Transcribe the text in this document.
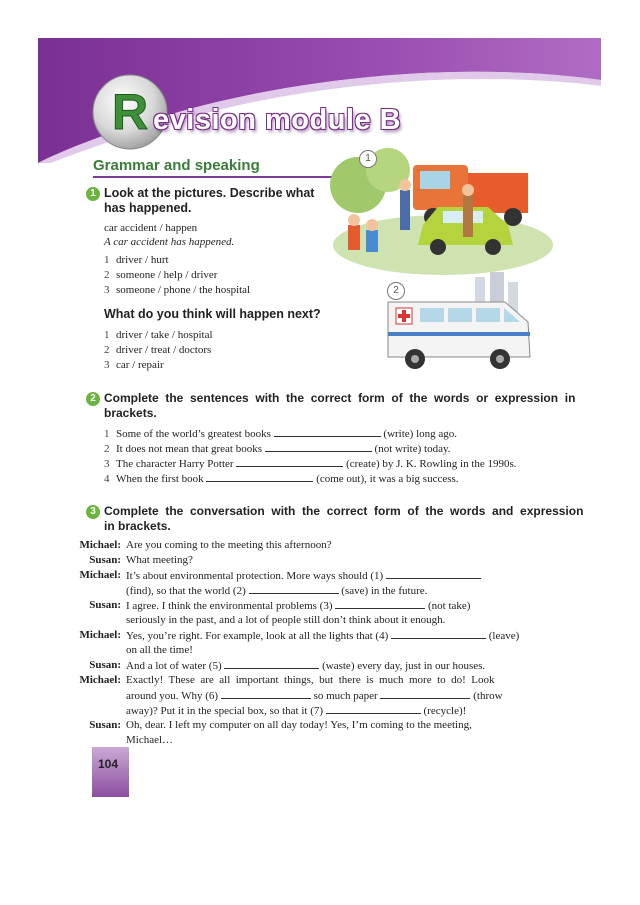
R evision module B
Grammar and speaking
1 Look at the pictures. Describe what
has happened.
car accident / happen
A car accident has happened.
1 driver / hurt
2 someone / help / driver
3 someone / phone / the hospital
What do you think will happen next?
1 driver / take / hospital
2 driver / treat / doctors
3 car / repair
1
2
2 Complete  the  sentences  with  the  correct  form  of  the  words  or  expression  in
brackets.
1 Some of the world’s greatest books	(write) long ago.
2 It does not mean that great books	(not write) today.
3 The character Harry Potter	(create) by J. K. Rowling in the 1990s.
4 When the first book	(come out), it was a big success.
3 Complete  the  conversation  with  the  correct  form  of  the  words  and  expression
in brackets.
Michael: Are you coming to the meeting this afternoon?
Susan: What meeting?
Michael: It’s about environmental protection. More ways should (1)
(find), so that the world (2)	(save) in the future.
Susan: I agree. I think the environmental problems (3)	(not take)
seriously in the past, and a lot of people still don’t think about it enough.
Michael: Yes, you’re right. For example, look at all the lights that (4)	(leave)
on all the time!
Susan: And a lot of water (5)	(waste) every day, just in our houses.
Michael: Exactly!  These  are  all  important  things,  but  there  is  much  more  to  do!  Look
around you. Why (6)	so much paper	(throw
away)? Put it in the special box, so that it (7)	(recycle)!
Susan: Oh, dear. I left my computer on all day today! Yes, I’m coming to the meeting,
Michael…
104
